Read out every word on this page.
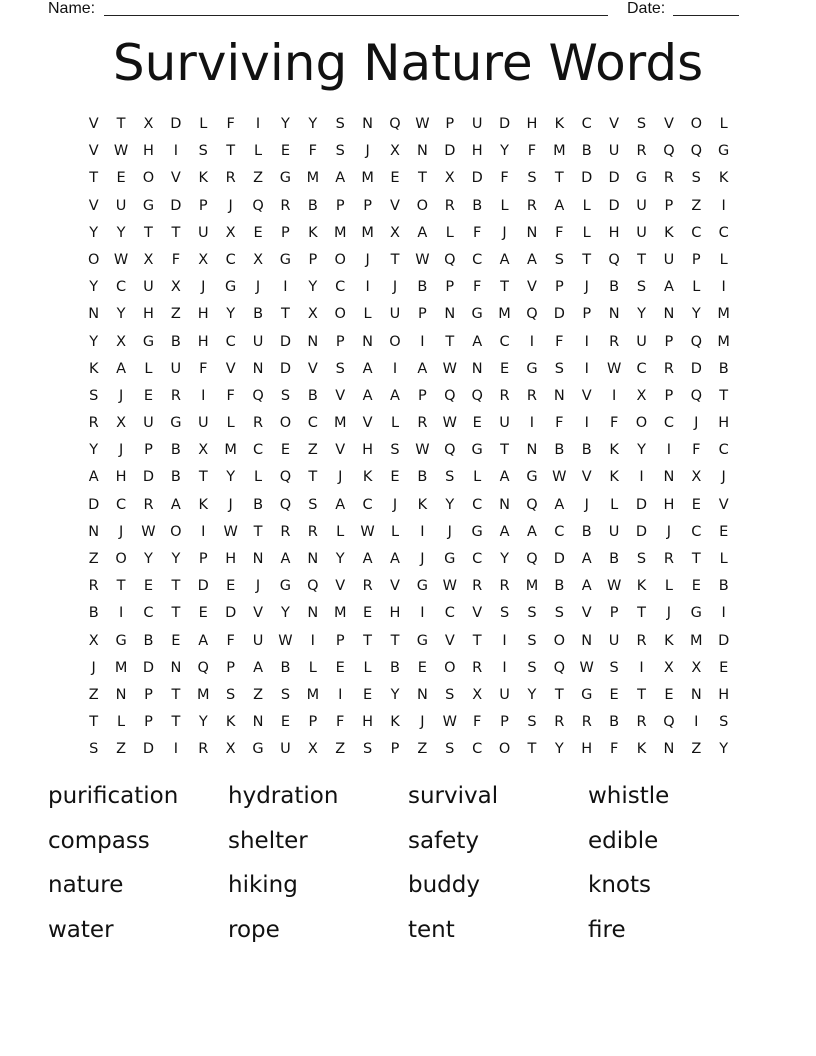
Name:	Date:
Surviving Nature Words
V	T	X	D	L	F	I	Y	Y	S	N	Q	W	P	U	D	H	K	C	V	S	V	O	L
V	W	H	I	S	T	L	E	F	S	J	X	N	D	H	Y	F	M	B	U	R	Q	Q	G
T	E	O	V	K	R	Z	G	M	A	M	E	T	X	D	F	S	T	D	D	G	R	S	K
V	U	G	D	P	J	Q	R	B	P	P	V	O	R	B	L	R	A	L	D	U	P	Z	I
Y	Y	T	T	U	X	E	P	K	M	M	X	A	L	F	J	N	F	L	H	U	K	C	C
O	W	X	F	X	C	X	G	P	O	J	T	W	Q	C	A	A	S	T	Q	T	U	P	L
Y	C	U	X	J	G	J	I	Y	C	I	J	B	P	F	T	V	P	J	B	S	A	L	I
N	Y	H	Z	H	Y	B	T	X	O	L	U	P	N	G	M	Q	D	P	N	Y	N	Y	M
Y	X	G	B	H	C	U	D	N	P	N	O	I	T	A	C	I	F	I	R	U	P	Q	M
K	A	L	U	F	V	N	D	V	S	A	I	A	W	N	E	G	S	I	W	C	R	D	B
S	J	E	R	I	F	Q	S	B	V	A	A	P	Q	Q	R	R	N	V	I	X	P	Q	T
R	X	U	G	U	L	R	O	C	M	V	L	R	W	E	U	I	F	I	F	O	C	J	H
Y	J	P	B	X	M	C	E	Z	V	H	S	W	Q	G	T	N	B	B	K	Y	I	F	C
A	H	D	B	T	Y	L	Q	T	J	K	E	B	S	L	A	G	W	V	K	I	N	X	J
D	C	R	A	K	J	B	Q	S	A	C	J	K	Y	C	N	Q	A	J	L	D	H	E	V
N	J	W	O	I	W	T	R	R	L	W	L	I	J	G	A	A	C	B	U	D	J	C	E
Z	O	Y	Y	P	H	N	A	N	Y	A	A	J	G	C	Y	Q	D	A	B	S	R	T	L
R	T	E	T	D	E	J	G	Q	V	R	V	G	W	R	R	M	B	A	W	K	L	E	B
B	I	C	T	E	D	V	Y	N	M	E	H	I	C	V	S	S	S	V	P	T	J	G	I
X	G	B	E	A	F	U	W	I	P	T	T	G	V	T	I	S	O	N	U	R	K	M	D
J	M	D	N	Q	P	A	B	L	E	L	B	E	O	R	I	S	Q	W	S	I	X	X	E
Z	N	P	T	M	S	Z	S	M	I	E	Y	N	S	X	U	Y	T	G	E	T	E	N	H
T	L	P	T	Y	K	N	E	P	F	H	K	J	W	F	P	S	R	R	B	R	Q	I	S
S	Z	D	I	R	X	G	U	X	Z	S	P	Z	S	C	O	T	Y	H	F	K	N	Z	Y
purification	hydration	survival	whistle
compass	shelter	safety	edible
nature	hiking	buddy	knots
water	rope	tent	fire
